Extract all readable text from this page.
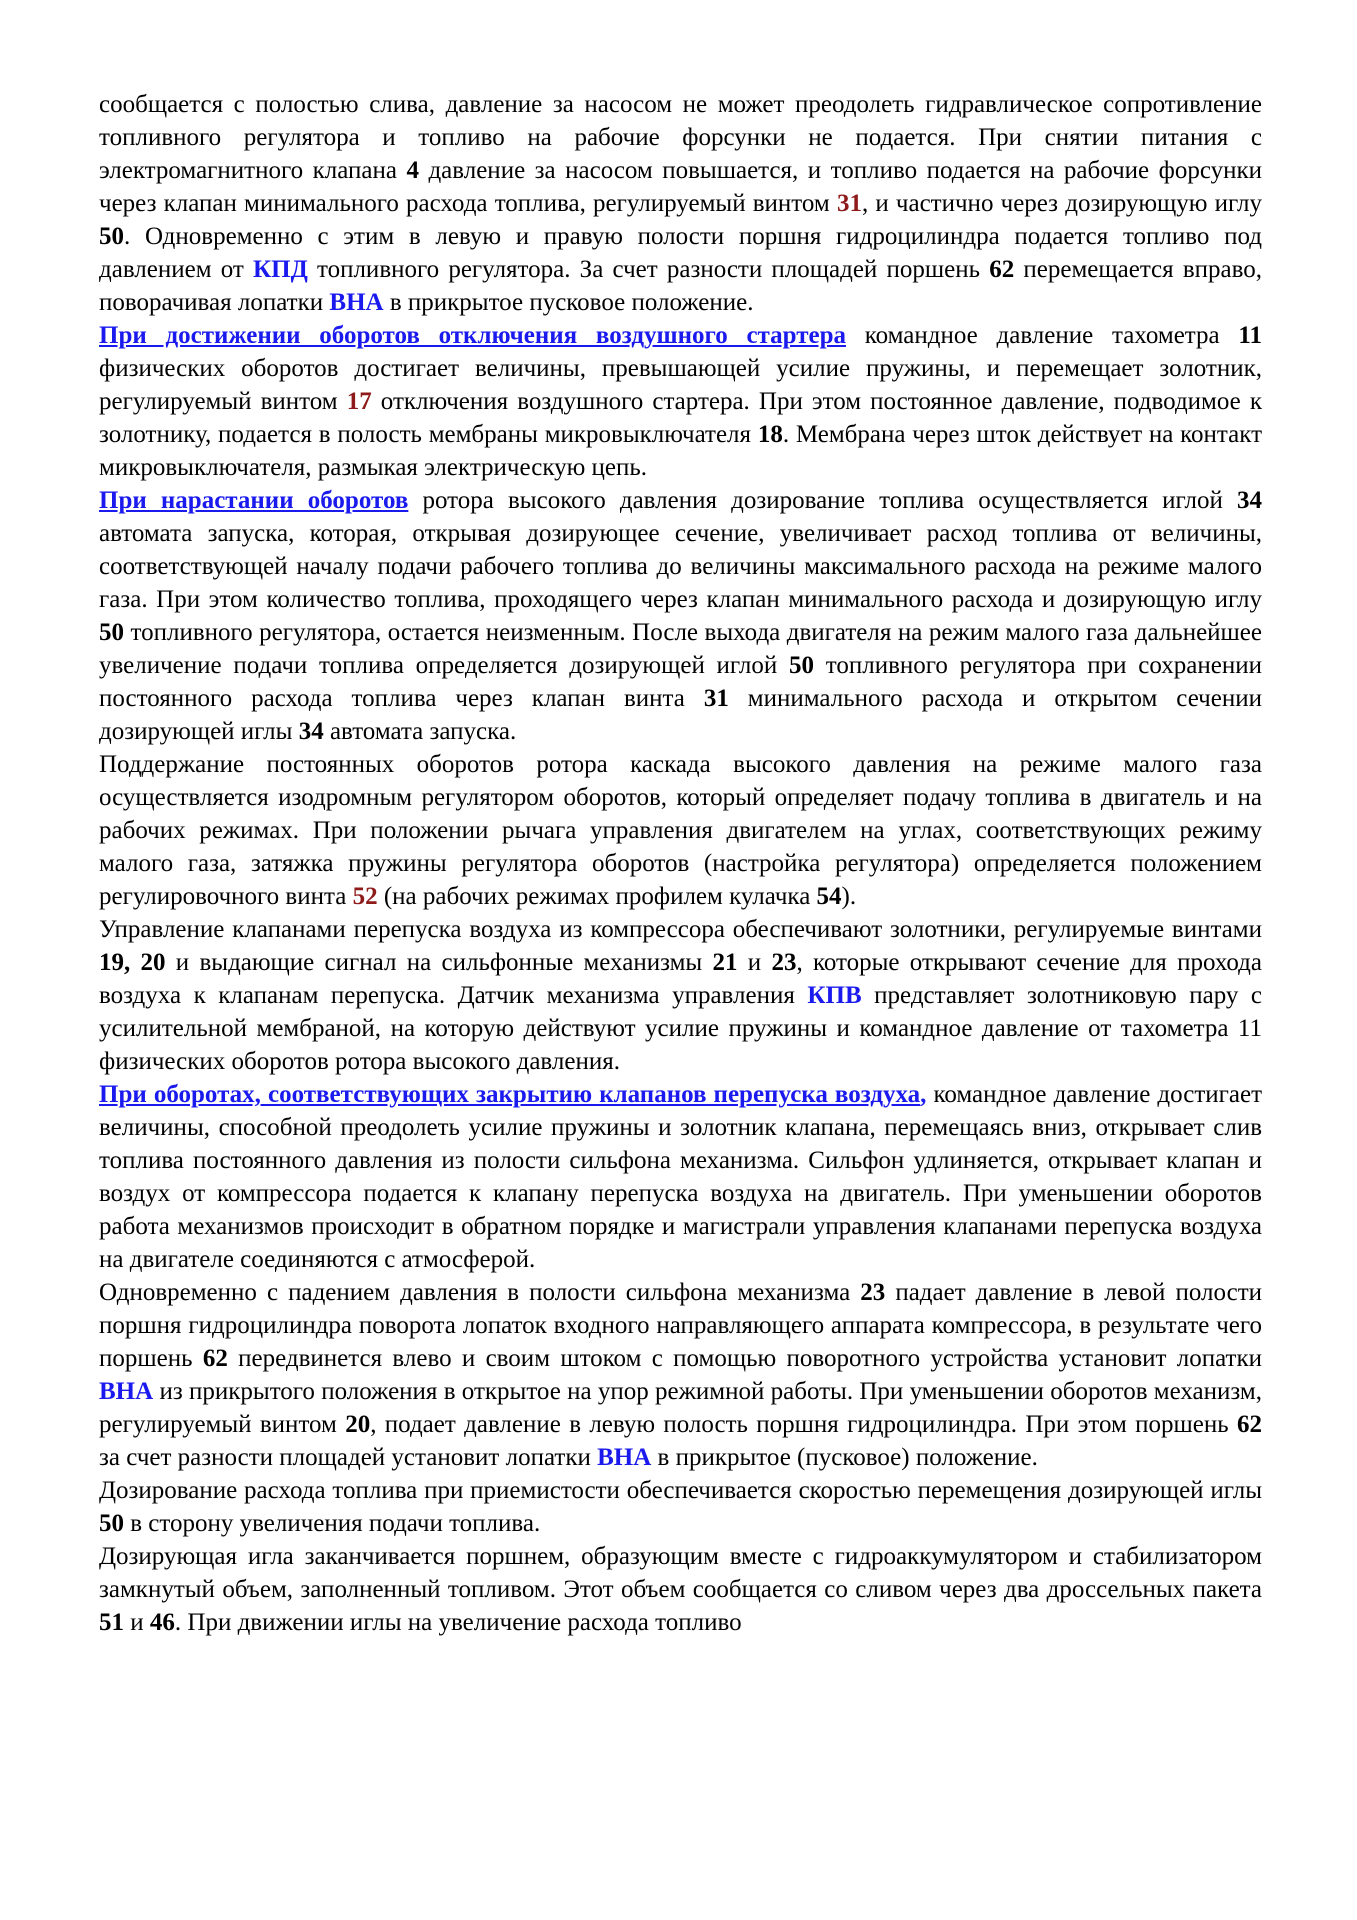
сообщается с полостью слива, давление за насосом не может преодолеть гидравлическое сопротивление топливного регулятора и топливо на рабочие форсунки не подается. При снятии питания с электромагнитного клапана 4 давление за насосом повышается, и топливо подается на рабочие форсунки через клапан минимального расхода топлива, регулируемый винтом 31, и частично через дозирующую иглу 50. Одновременно с этим в левую и правую полости поршня гидроцилиндра подается топливо под давлением от КПД топливного регулятора. За счет разности площадей поршень 62 перемещается вправо, поворачивая лопатки ВНА в прикрытое пусковое положение.

При достижении оборотов отключения воздушного стартера командное давление тахометра 11 физических оборотов достигает величины, превышающей усилие пружины, и перемещает золотник, регулируемый винтом 17 отключения воздушного стартера. При этом постоянное давление, подводимое к золотнику, подается в полость мембраны микровыключателя 18. Мембрана через шток действует на контакт микровыключателя, размыкая электрическую цепь.

При нарастании оборотов ротора высокого давления дозирование топлива осуществляется иглой 34 автомата запуска, которая, открывая дозирующее сечение, увеличивает расход топлива от величины, соответствующей началу подачи рабочего топлива до величины максимального расхода на режиме малого газа. При этом количество топлива, проходящего через клапан минимального расхода и дозирующую иглу 50 топливного регулятора, остается неизменным. После выхода двигателя на режим малого газа дальнейшее увеличение подачи топлива определяется дозирующей иглой 50 топливного регулятора при сохранении постоянного расхода топлива через клапан винта 31 минимального расхода и открытом сечении дозирующей иглы 34 автомата запуска.

Поддержание постоянных оборотов ротора каскада высокого давления на режиме малого газа осуществляется изодромным регулятором оборотов, который определяет подачу топлива в двигатель и на рабочих режимах. При положении рычага управления двигателем на углах, соответствующих режиму малого газа, затяжка пружины регулятора оборотов (настройка регулятора) определяется положением регулировочного винта 52 (на рабочих режимах профилем кулачка 54).

Управление клапанами перепуска воздуха из компрессора обеспечивают золотники, регулируемые винтами 19, 20 и выдающие сигнал на сильфонные механизмы 21 и 23, которые открывают сечение для прохода воздуха к клапанам перепуска. Датчик механизма управления КПВ представляет золотниковую пару с усилительной мембраной, на которую действуют усилие пружины и командное давление от тахометра 11 физических оборотов ротора высокого давления.

При оборотах, соответствующих закрытию клапанов перепуска воздуха, командное давление достигает величины, способной преодолеть усилие пружины и золотник клапана, перемещаясь вниз, открывает слив топлива постоянного давления из полости сильфона механизма. Сильфон удлиняется, открывает клапан и воздух от компрессора подается к клапану перепуска воздуха на двигатель. При уменьшении оборотов работа механизмов происходит в обратном порядке и магистрали управления клапанами перепуска воздуха на двигателе соединяются с атмосферой.

Одновременно с падением давления в полости сильфона механизма 23 падает давление в левой полости поршня гидроцилиндра поворота лопаток входного направляющего аппарата компрессора, в результате чего поршень 62 передвинется влево и своим штоком с помощью поворотного устройства установит лопатки ВНА из прикрытого положения в открытое на упор режимной работы. При уменьшении оборотов механизм, регулируемый винтом 20, подает давление в левую полость поршня гидроцилиндра. При этом поршень 62 за счет разности площадей установит лопатки ВНА в прикрытое (пусковое) положение.

Дозирование расхода топлива при приемистости обеспечивается скоростью перемещения дозирующей иглы 50 в сторону увеличения подачи топлива.

Дозирующая игла заканчивается поршнем, образующим вместе с гидроаккумулятором и стабилизатором замкнутый объем, заполненный топливом. Этот объем сообщается со сливом через два дроссельных пакета 51 и 46. При движении иглы на увеличение расхода топливо
